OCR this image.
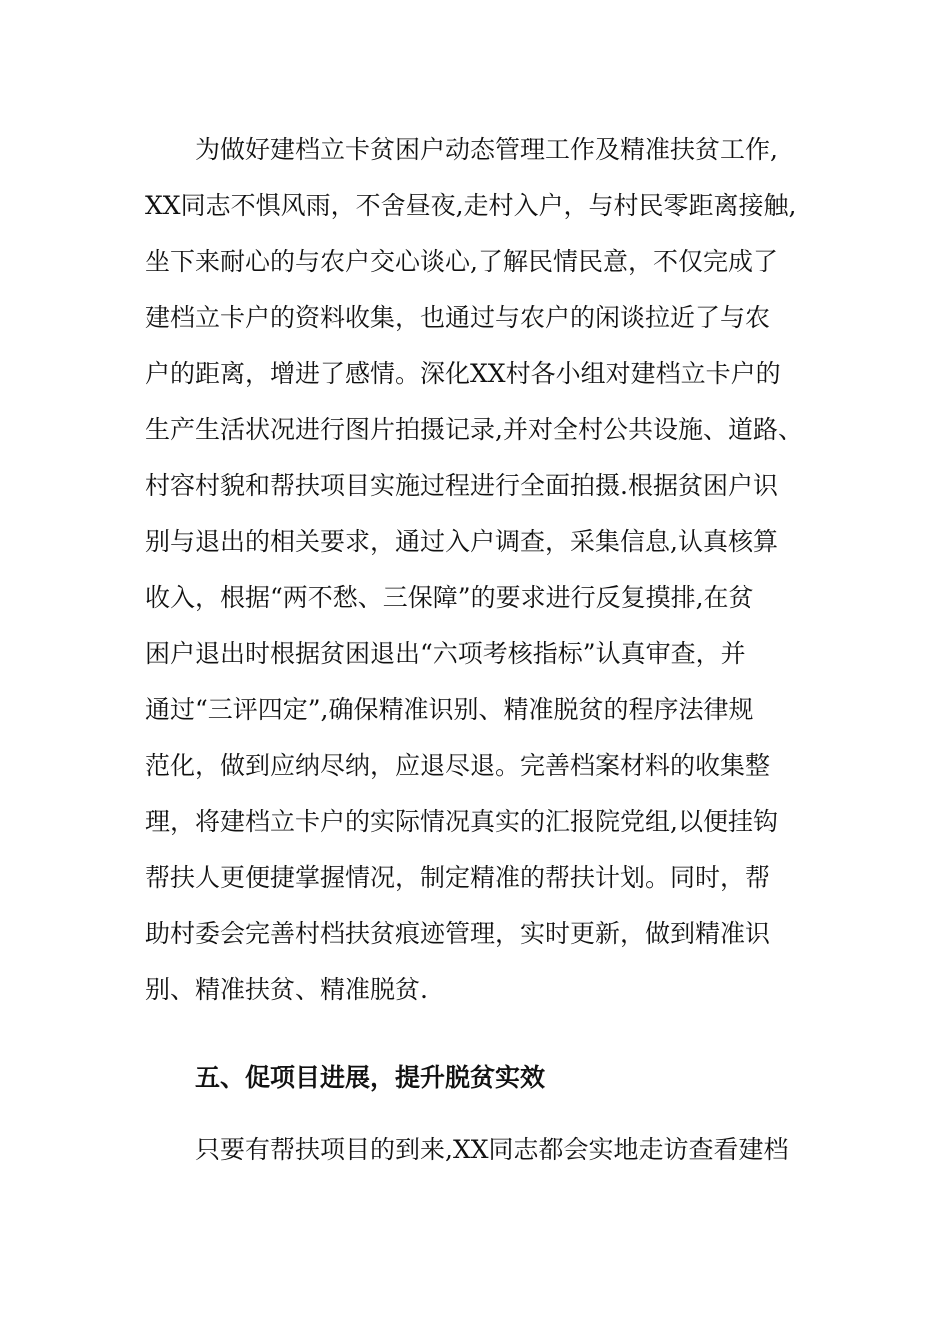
为做好建档立卡贫困户动态管理工作及精准扶贫工作,
XX同志不惧风雨，不舍昼夜,走村入户，与村民零距离接触,
坐下来耐心的与农户交心谈心,了解民情民意，不仅完成了
建档立卡户的资料收集，也通过与农户的闲谈拉近了与农
户的距离，增进了感情。深化XX村各小组对建档立卡户的
生产生活状况进行图片拍摄记录,并对全村公共设施、道路、
村容村貌和帮扶项目实施过程进行全面拍摄.根据贫困户识
别与退出的相关要求，通过入户调查，采集信息,认真核算
收入，根据“两不愁、三保障”的要求进行反复摸排,在贫
困户退出时根据贫困退出“六项考核指标”认真审查，并
通过“三评四定”,确保精准识别、精准脱贫的程序法律规
范化，做到应纳尽纳，应退尽退。完善档案材料的收集整
理，将建档立卡户的实际情况真实的汇报院党组,以便挂钩
帮扶人更便捷掌握情况，制定精准的帮扶计划。同时，帮
助村委会完善村档扶贫痕迹管理，实时更新，做到精准识
别、精准扶贫、精准脱贫.
五、促项目进展，提升脱贫实效
只要有帮扶项目的到来,XX同志都会实地走访查看建档
